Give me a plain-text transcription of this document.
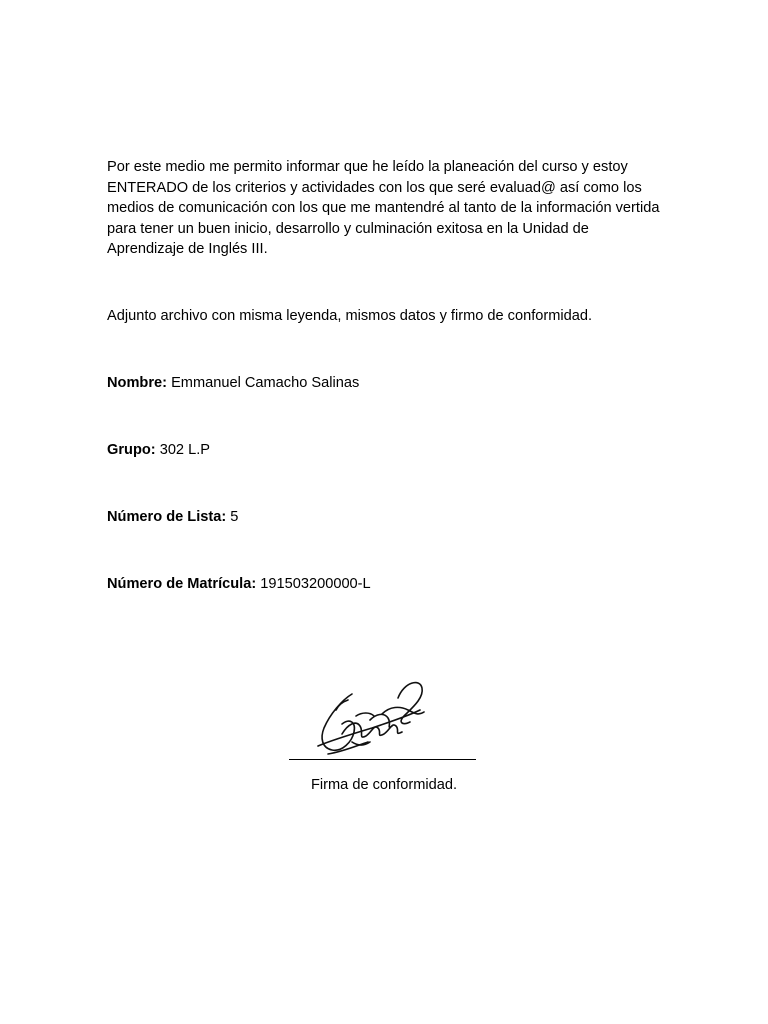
Por este medio me permito informar que he leído la planeación del curso y estoy ENTERADO de los criterios y actividades con los que seré evaluad@ así como los medios de comunicación con los que me mantendré al tanto de la información vertida para tener un buen inicio, desarrollo y culminación exitosa en la Unidad de Aprendizaje de Inglés III.

Adjunto archivo con misma leyenda, mismos datos y firmo de conformidad.

Nombre: Emmanuel Camacho Salinas
Grupo: 302 L.P
Número de Lista: 5
Número de Matrícula: 191503200000-L
Firma de conformidad.
